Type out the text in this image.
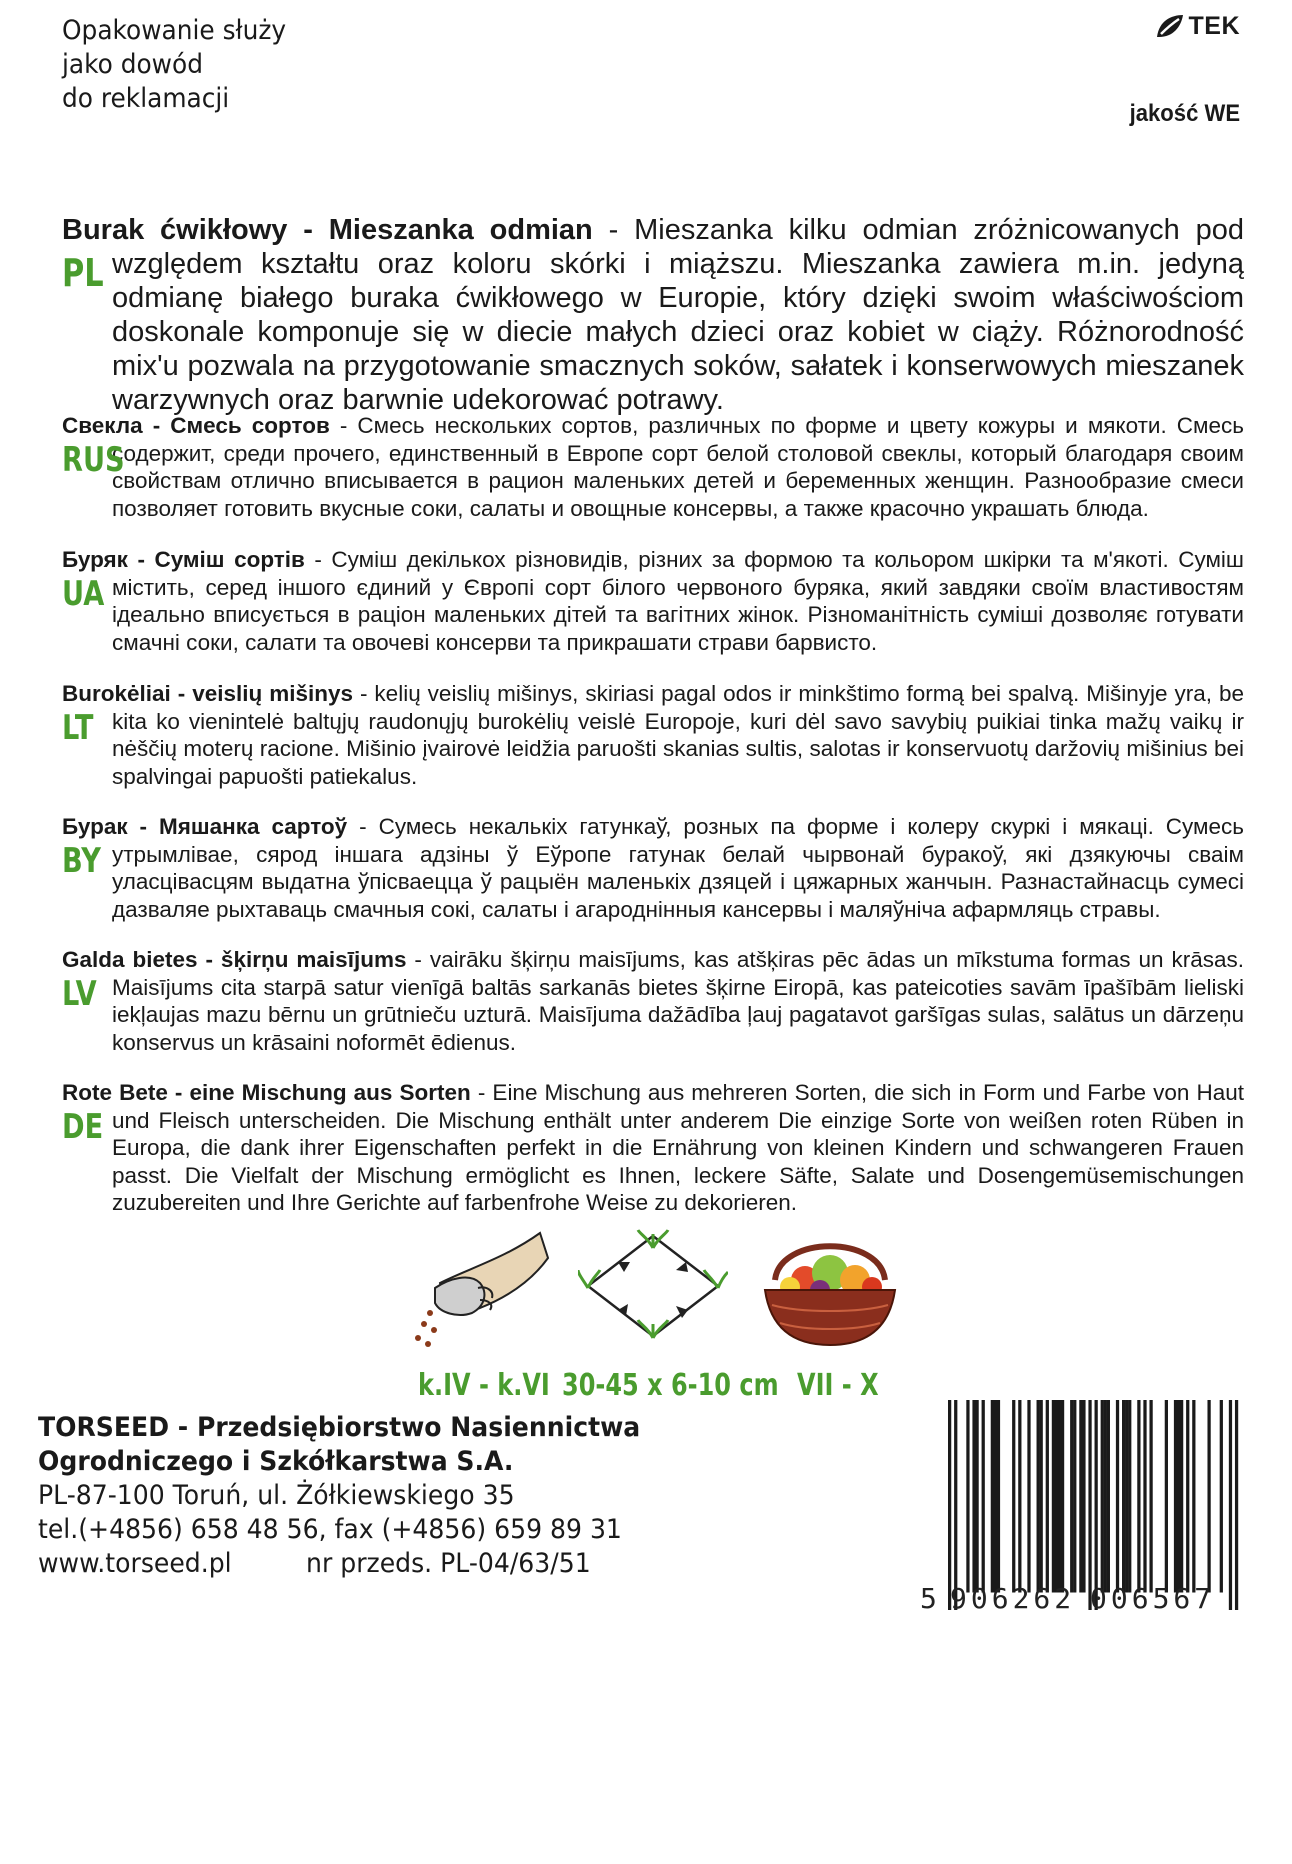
Opakowanie służy
jako dowód
do reklamacji
TEK
jakość WE
PL

Burak ćwikłowy - Mieszanka odmian - Mieszanka kilku odmian zróżnicowanych pod względem kształtu oraz koloru skórki i miąższu. Mieszanka zawiera m.in. jedyną odmianę białego buraka ćwikłowego w Europie, który dzięki swoim właściwościom doskonale komponuje się w diecie małych dzieci oraz kobiet w ciąży. Różnorodność mix'u pozwala na przygotowanie smacznych soków, sałatek i konserwowych mieszanek warzywnych oraz barwnie udekorować potrawy.

RUS

Свекла - Смесь сортов - Смесь нескольких сортов, различных по форме и цвету кожуры и мякоти. Смесь содержит, среди прочего, единственный в Европе сорт белой столовой свеклы, который благодаря своим свойствам отлично вписывается в рацион маленьких детей и беременных женщин. Разнообразие смеси позволяет готовить вкусные соки, салаты и овощные консервы, а также красочно украшать блюда.

UA

Буряк - Суміш сортів - Суміш декількох різновидів, різних за формою та кольором шкірки та м'якоті. Суміш містить, серед іншого єдиний у Європі сорт білого червоного буряка, який завдяки своїм властивостям ідеально вписується в раціон маленьких дітей та вагітних жінок. Різноманітність суміші дозволяє готувати смачні соки, салати та овочеві консерви та прикрашати страви барвисто.

LT

Burokėliai - veislių mišinys - kelių veislių mišinys, skiriasi pagal odos ir minkštimo formą bei spalvą. Mišinyje yra, be kita ko vienintelė baltųjų raudonųjų burokėlių veislė Europoje, kuri dėl savo savybių puikiai tinka mažų vaikų ir nėščių moterų racione. Mišinio įvairovė leidžia paruošti skanias sultis, salotas ir konservuotų daržovių mišinius bei spalvingai papuošti patiekalus.

BY

Бурак - Мяшанка сартоў - Сумесь некалькіх гатункаў, розных па форме і колеру скуркі і мякаці. Сумесь утрымлівае, сярод іншага адзіны ў Еўропе гатунак белай чырвонай буракоў, які дзякуючы сваім уласцівасцям выдатна ўпісваецца ў рацыён маленькіх дзяцей і цяжарных жанчын. Разнастайнасць сумесі дазваляе рыхтаваць смачныя сокі, салаты і агароднінныя кансервы і маляўніча афармляць стравы.

LV

Galda bietes - šķirņu maisījums - vairāku šķirņu maisījums, kas atšķiras pēc ādas un mīkstuma formas un krāsas. Maisījums cita starpā satur vienīgā baltās sarkanās bietes šķirne Eiropā, kas pateicoties savām īpašībām lieliski iekļaujas mazu bērnu un grūtnieču uzturā. Maisījuma dažādība ļauj pagatavot garšīgas sulas, salātus un dārzeņu konservus un krāsaini noformēt ēdienus.

DE

Rote Bete - eine Mischung aus Sorten - Eine Mischung aus mehreren Sorten, die sich in Form und Farbe von Haut und Fleisch unterscheiden. Die Mischung enthält unter anderem Die einzige Sorte von weißen roten Rüben in Europa, die dank ihrer Eigenschaften perfekt in die Ernährung von kleinen Kindern und schwangeren Frauen passt. Die Vielfalt der Mischung ermöglicht es Ihnen, leckere Säfte, Salate und Dosengemüsemischungen zuzubereiten und Ihre Gerichte auf farbenfrohe Weise zu dekorieren.

k.IV - k.VI 30-45 x 6-10 cm VII - X
TORSEED - Przedsiębiorstwo Nasiennictwa
Ogrodniczego i Szkółkarstwa S.A.
PL-87-100 Toruń, ul. Żółkiewskiego 35
tel.(+4856) 658 48 56, fax (+4856) 659 89 31
www.torseed.pl	nr przeds. PL-04/63/51
5 906262 006567
